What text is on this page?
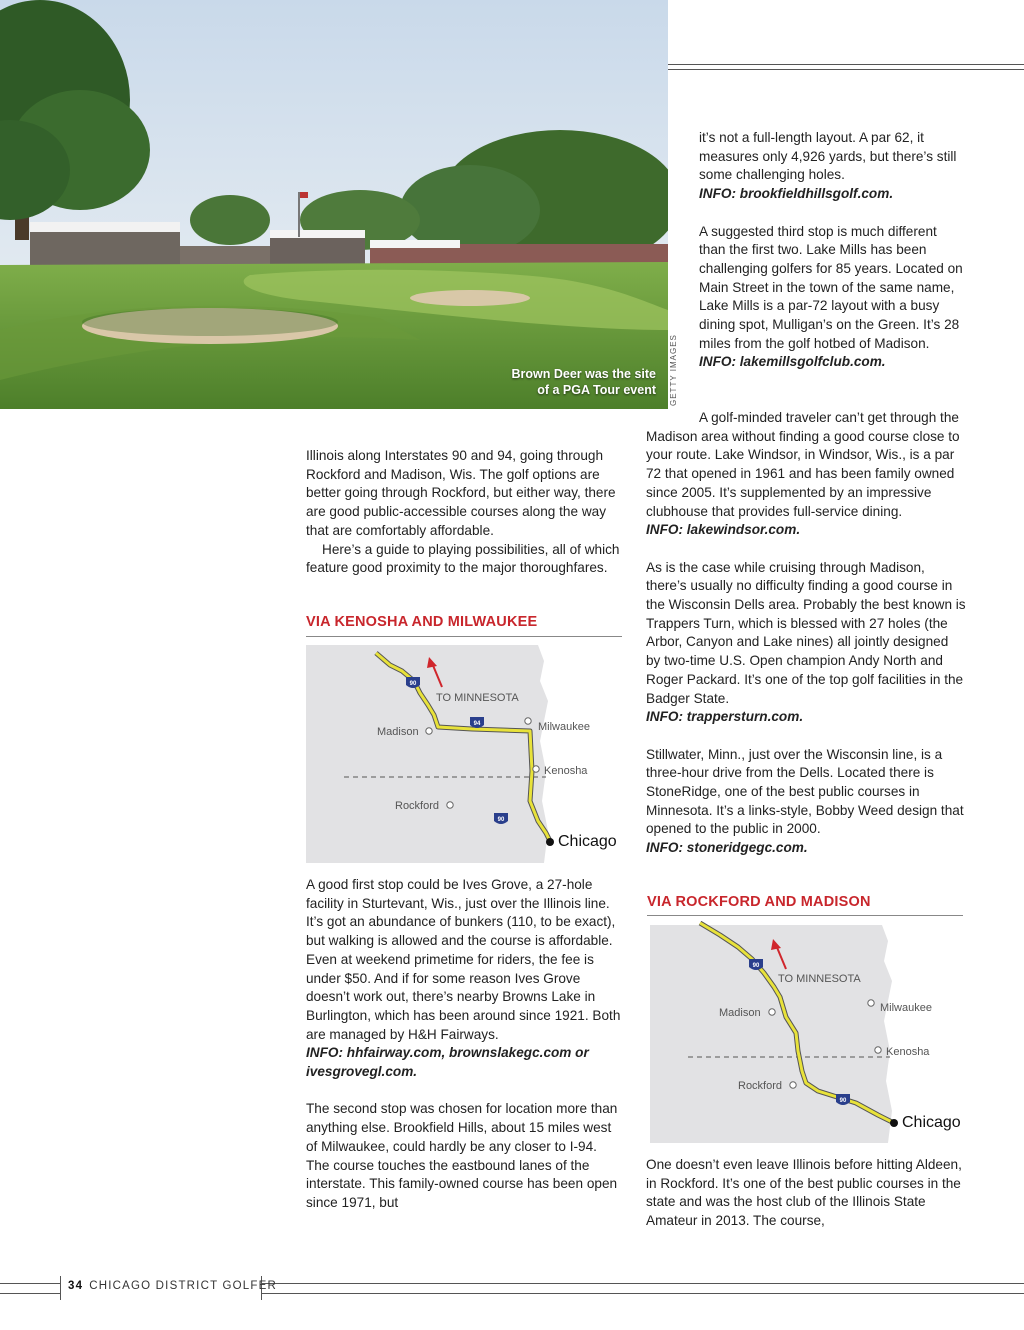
Brown Deer was the site
of a PGA Tour event GETTY IMAGES

Illinois along Interstates 90 and 94, going through Rockford and Madison, Wis. The golf options are better going through Rockford, but either way, there are good public-accessible courses along the way that are comfortably affordable.

Here’s a guide to playing possibilities, all of which feature good proximity to the major thoroughfares.

VIA KENOSHA AND MILWAUKEE
90
94
90
TO MINNESOTA
Madison	Milwaukee
Kenosha
Rockford
Chicago

A good first stop could be Ives Grove, a 27-hole facility in Sturtevant, Wis., just over the Illinois line. It’s got an abundance of bunkers (110, to be exact), but walking is allowed and the course is affordable. Even at weekend primetime for riders, the fee is under $50. And if for some reason Ives Grove doesn’t work out, there’s nearby Browns Lake in Burlington, which has been around since 1921. Both are managed by H&H Fairways.

INFO: hhfairway.com, brownslakegc.com or ivesgrovegl.com.

The second stop was chosen for location more than anything else. Brookfield Hills, about 15 miles west of Milwaukee, could hardly be any closer to I-94. The course touches the eastbound lanes of the interstate. This family-owned course has been open since 1971, but

it’s not a full-length layout. A par 62, it measures only 4,926 yards, but there’s still some challenging holes.

INFO: brookfieldhillsgolf.com.

A suggested third stop is much different than the first two. Lake Mills has been challenging golfers for 85 years. Located on Main Street in the town of the same name, Lake Mills is a par-72 layout with a busy dining spot, Mulligan’s on the Green. It’s 28 miles from the golf hotbed of Madison.

INFO: lakemillsgolfclub.com.

A golf-minded traveler can’t get through the Madison area without finding a good course close to your route. Lake Windsor, in Windsor, Wis., is a par 72 that opened in 1961 and has been family owned since 2005. It’s supplemented by an impressive clubhouse that provides full-service dining.

INFO: lakewindsor.com.

As is the case while cruising through Madison, there’s usually no difficulty finding a good course in the Wisconsin Dells area. Probably the best known is Trappers Turn, which is blessed with 27 holes (the Arbor, Canyon and Lake nines) all jointly designed by two-time U.S. Open champion Andy North and Roger Packard. It’s one of the top golf facilities in the Badger State.

INFO: trappersturn.com.

Stillwater, Minn., just over the Wisconsin line, is a three-hour drive from the Dells. Located there is StoneRidge, one of the best public courses in Minnesota. It’s a links-style, Bobby Weed design that opened to the public in 2000.

INFO: stoneridgegc.com.

VIA ROCKFORD AND MADISON
90
90
TO MINNESOTA
Madison	Milwaukee
Kenosha
Rockford
Chicago

One doesn’t even leave Illinois before hitting Aldeen, in Rockford. It’s one of the best public courses in the state and was the host club of the Illinois State Amateur in 2013. The course,

34 CHICAGO DISTRICT GOLFER
